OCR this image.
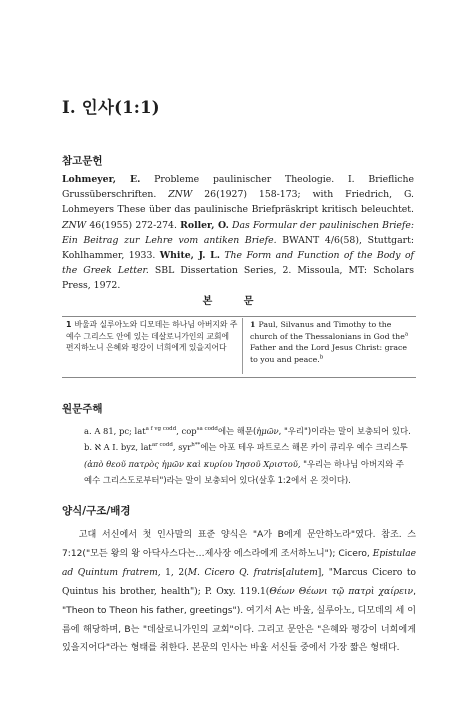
I. 인사(1:1)
참고문헌
Lohmeyer, E. Probleme paulinischer Theologie. I. Briefliche Grussüberschriften. ZNW 26(1927) 158-173; with Friedrich, G. Lohmeyers These über das paulinische Briefpräskript kritisch beleuchtet. ZNW 46(1955) 272-274. Roller, O. Das Formular der paulinischen Briefe: Ein Beitrag zur Lehre vom antiken Briefe. BWANT 4/6(58), Stuttgart: Kohlhammer, 1933. White, J. L. The Form and Function of the Body of the Greek Letter. SBL Dissertation Series, 2. Missoula, MT: Scholars Press, 1972.
본 문
1 바울과 실루아노와 디모데는 하나님 아버지와 주 예수 그리스도 안에 있는 데살로니가인의 교회에 편지하노니 은혜와 평강이 너희에게 있을지어다
1 Paul, Silvanus and Timothy to the church of the Thessalonians in God the$^a$ Father and the Lord Jesus Christ: grace to you and peace.$^b$
원문주해
a. A 81, pc; lat$^{a f vg codd}$, cop$^{sa codd}$에는 해문(ἡμῶν, "우리")이라는 말이 보충되어 있다.
b. ℵ A I. byz, lat$^{ar codd}$, syr$^{h**}$에는 아포 테우 파트로스 해몬 카이 큐리우 예수 크리스투 (ἀπὸ θεοῦ πατρὸς ἡμῶν καὶ κυρίου Ἰησοῦ Χριστοῦ, "우리는 하나님 아버지와 주 예수 그리스도로부터")라는 말이 보충되어 있다(살후 1:2에서 온 것이다).
양식/구조/배경
고대 서신에서 첫 인사말의 표준 양식은 "A가 B에게 문안하노라"였다. 참조. 스 7:12("모든 왕의 왕 아닥사스다는…제사장 에스라에게 조서하노니"); Cicero, Epistulae ad Quintum fratrem, 1, 2(M. Cicero Q. fratris[alutem], "Marcus Cicero to Quintus his brother, health"); P. Oxy. 119.1(Θέων Θέωνι τῷ πατρὶ χαίρειν, "Theon to Theon his father, greetings"). 여기서 A는 바울, 실루아노, 디모데의 세 이름에 해당하며, B는 "데살로니가인의 교회"이다. 그리고 문안은 "은혜와 평강이 너희에게 있을지어다"라는 형태를 취한다. 본문의 인사는 바울 서신들 중에서 가장 짧은 형태다.
